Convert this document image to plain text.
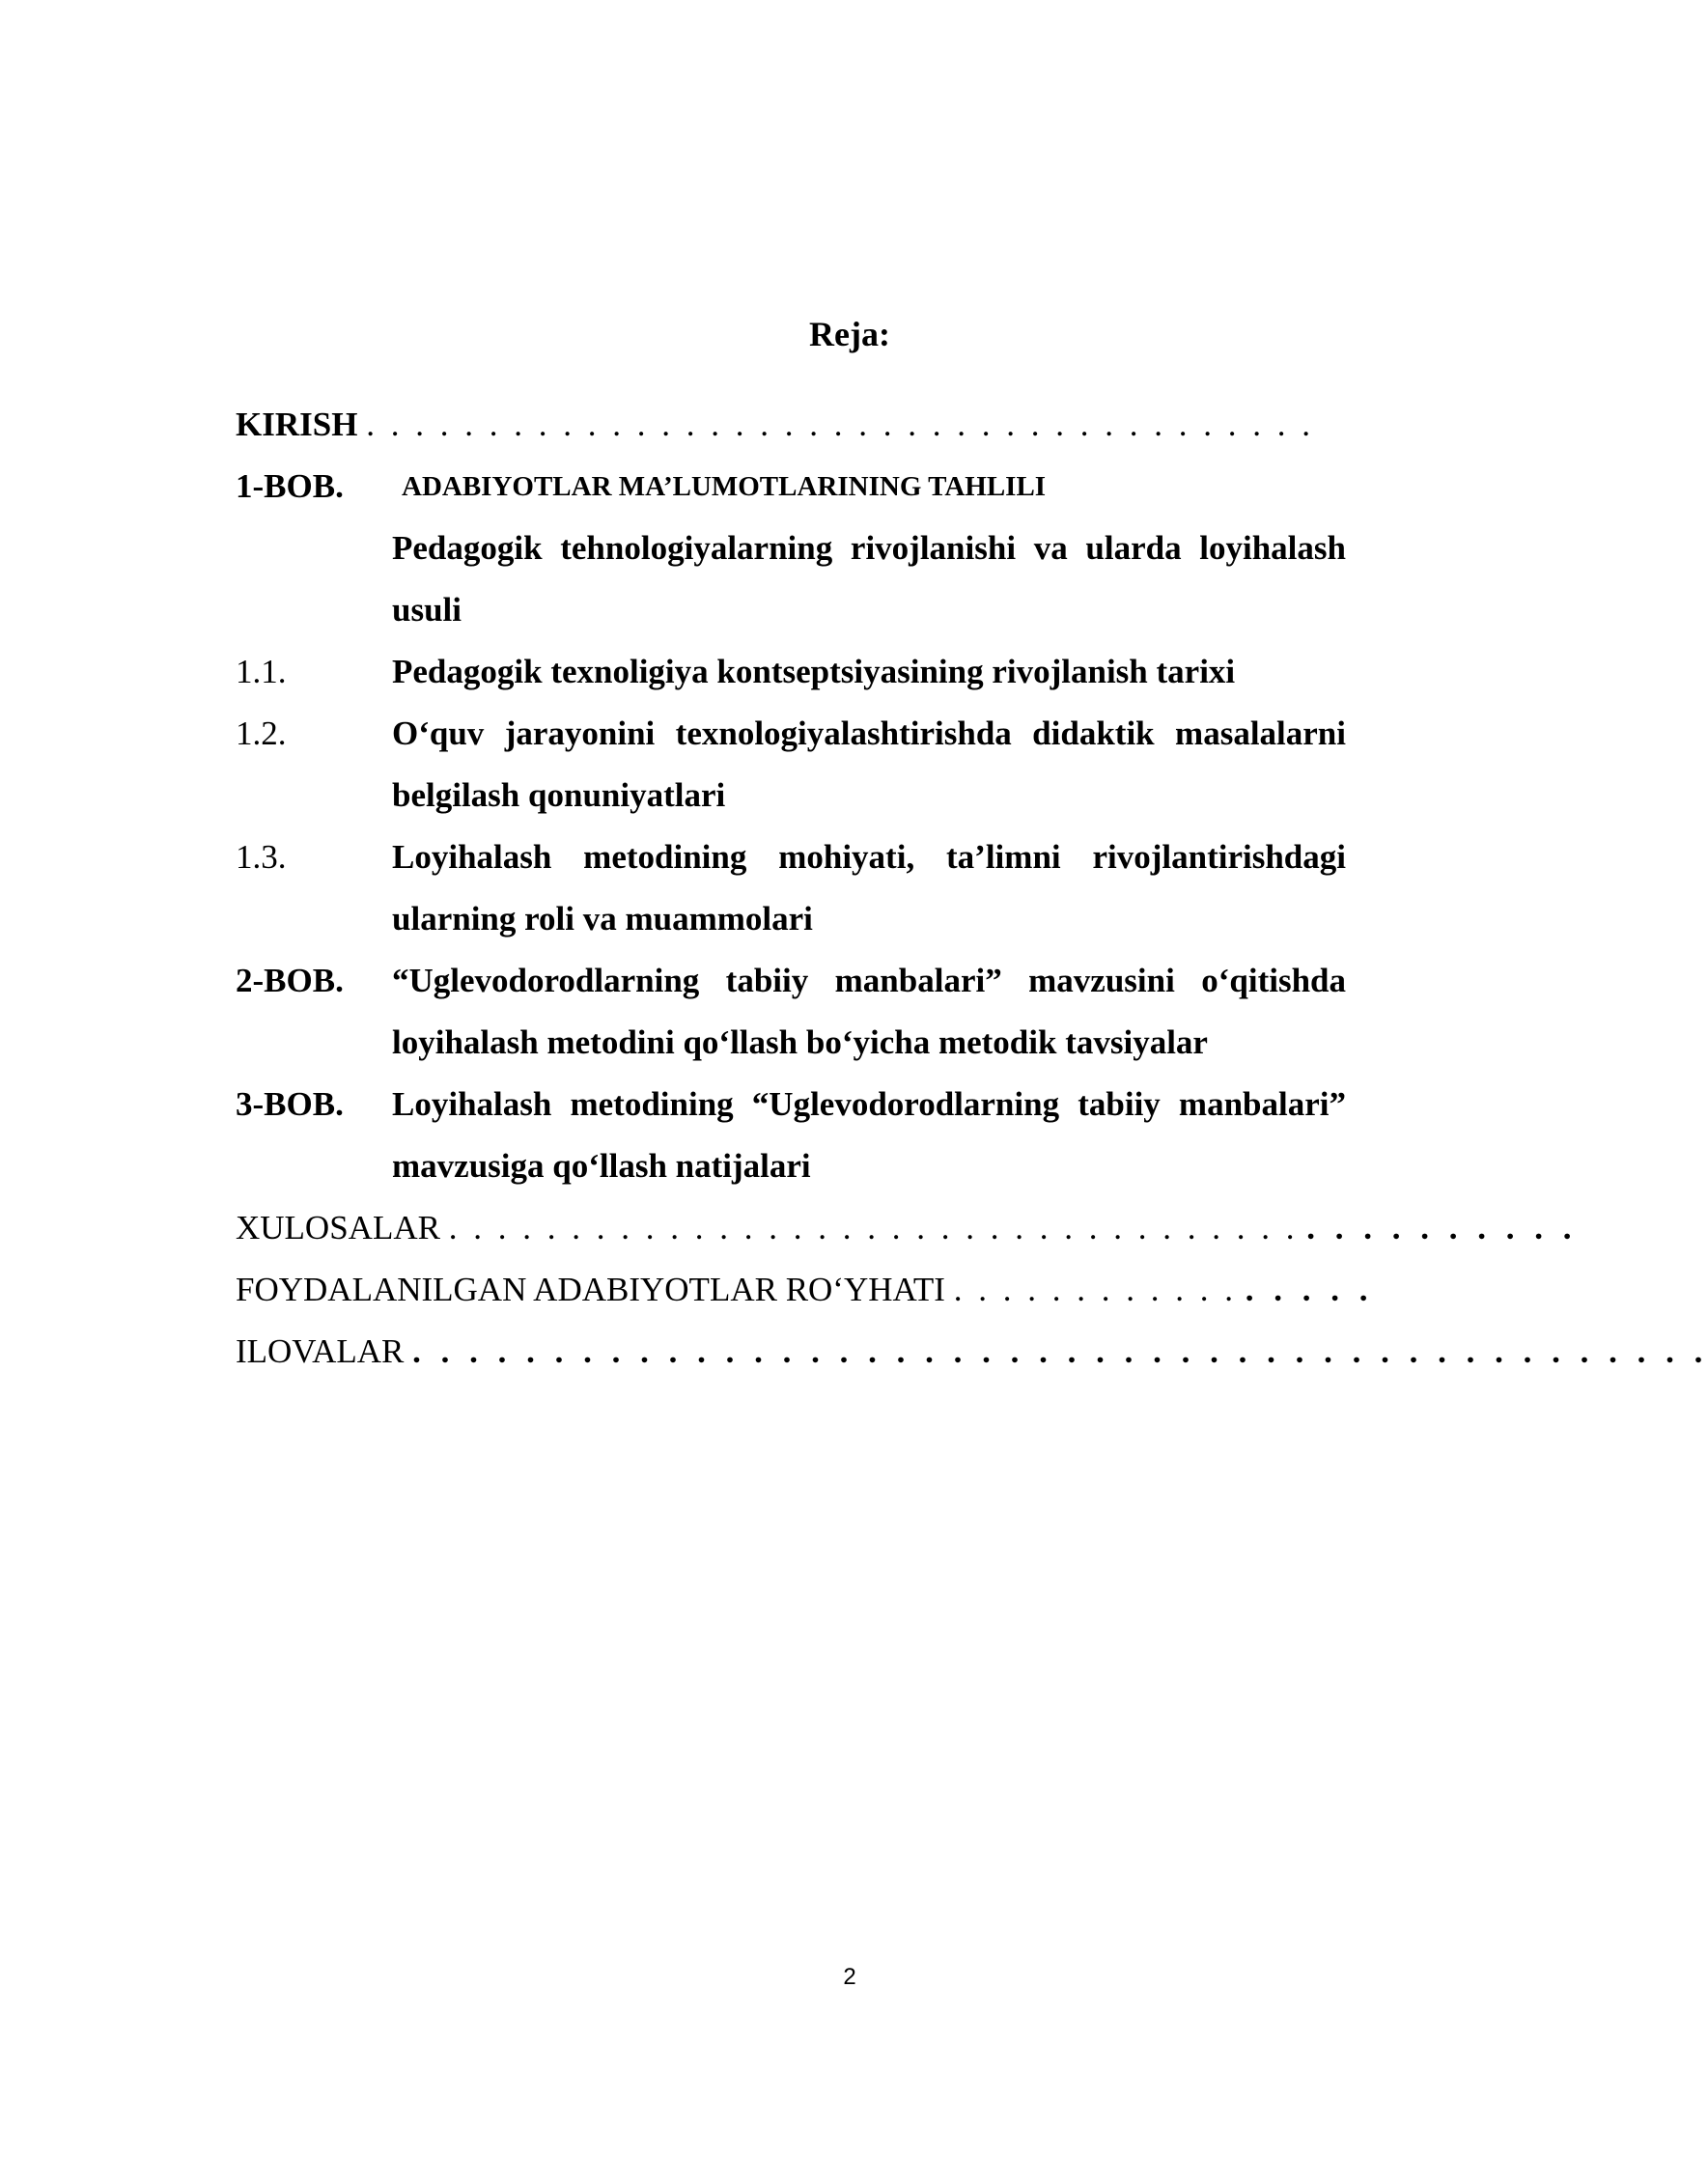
Reja:
KIRISH . . . . . . . . . . . . . . . . . . . . . . . . . . . . . . . . . . . . . . .
1-BOB.	ADABIYOTLAR MA’LUMOTLARINING TAHLILI
Pedagogik tehnologiyalarning rivojlanishi va ularda loyihalash usuli
1.1.	Pedagogik texnoligiya kontseptsiyasining rivojlanish tarixi
1.2.	O‘quv jarayonini texnologiyalashtirishda didaktik masalalarni belgilash qonuniyatlari
1.3.	Loyihalash metodining mohiyati, ta’limni rivojlantirishdagi ularning roli va muammolari
2-BOB.	“Uglevodorodlarning tabiiy manbalari” mavzusini o‘qitishda loyihalash metodini qo‘llash bo‘yicha metodik tavsiyalar
3-BOB.	Loyihalash metodining “Uglevodorodlarning tabiiy manbalari” mavzusiga qo‘llash natijalari
XULOSALAR . . . . . . . . . . . . . . . . . . . . . . . . . . . . . . . . . . . . . . . . . . . . .
FOYDALANILGAN ADABIYOTLAR RO‘YHATI . . . . . . . . . . . . . . . . .
ILOVALAR . . . . . . . . . . . . . . . . . . . . . . . . . . . . . . . . . . . . . . . . . . . . . .
2
